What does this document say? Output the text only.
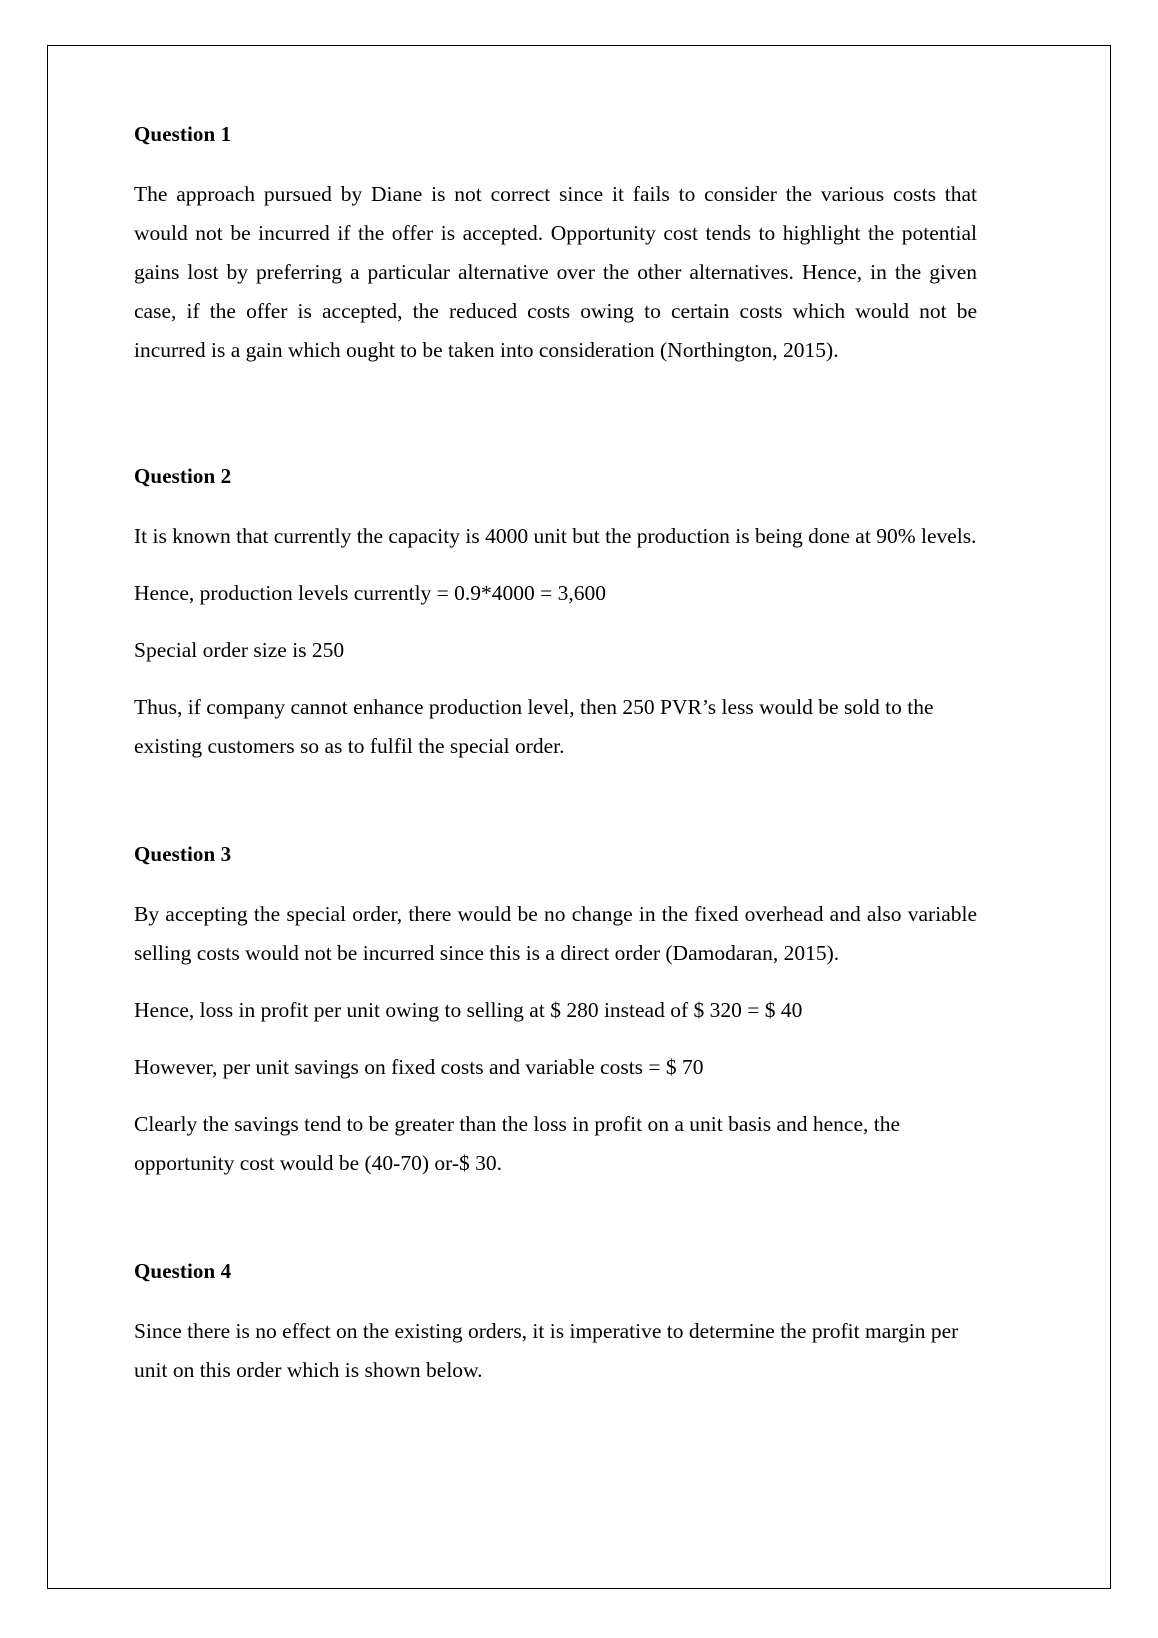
Question 1

The approach pursued by Diane is not correct since it fails to consider the various costs that would not be incurred if the offer is accepted. Opportunity cost tends to highlight the potential gains lost by preferring a particular alternative over the other alternatives. Hence, in the given case, if the offer is accepted, the reduced costs owing to certain costs which would not be incurred is a gain which ought to be taken into consideration (Northington, 2015).

Question 2

It is known that currently the capacity is 4000 unit but the production is being done at 90% levels.

Hence, production levels currently = 0.9*4000 = 3,600

Special order size is 250

Thus, if company cannot enhance production level, then 250 PVR’s less would be sold to the existing customers so as to fulfil the special order.

Question 3

By accepting the special order, there would be no change in the fixed overhead and also variable selling costs would not be incurred since this is a direct order (Damodaran, 2015).

Hence, loss in profit per unit owing to selling at $ 280 instead of $ 320 = $ 40

However, per unit savings on fixed costs and variable costs = $ 70

Clearly the savings tend to be greater than the loss in profit on a unit basis and hence, the opportunity cost would be (40-70) or-$ 30.

Question 4

Since there is no effect on the existing orders, it is imperative to determine the profit margin per unit on this order which is shown below.
